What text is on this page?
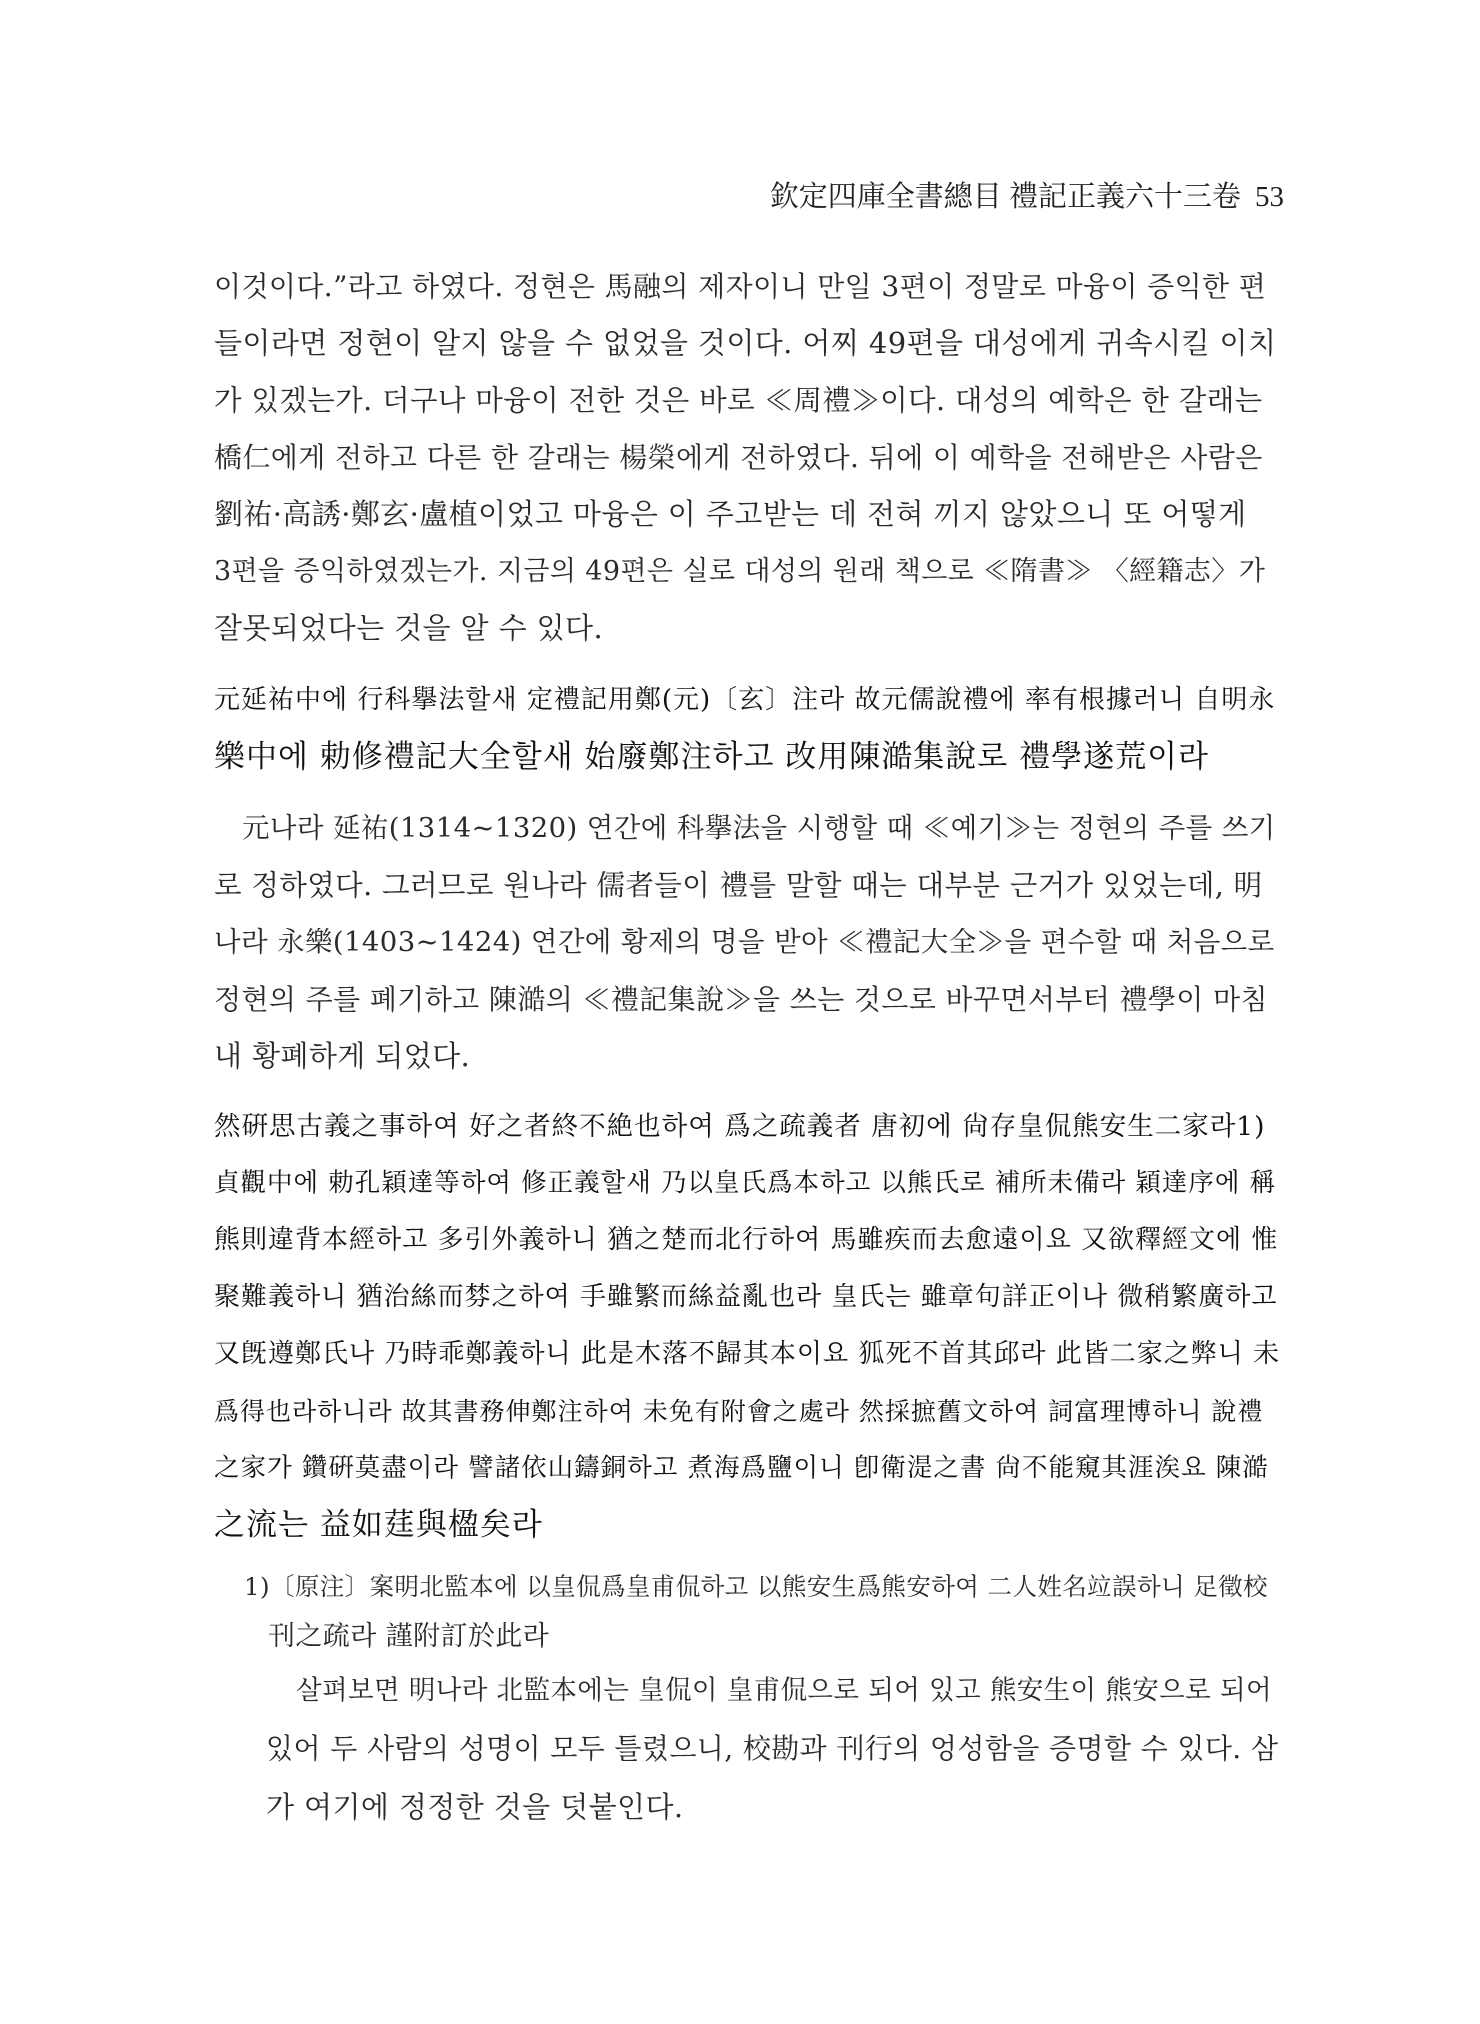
欽定四庫全書總目 禮記正義六十三卷 53
이것이다.”라고 하였다. 정현은 馬融의 제자이니 만일 3편이 정말로 마융이 증익한 편
들이라면 정현이 알지 않을 수 없었을 것이다. 어찌 49편을 대성에게 귀속시킬 이치
가 있겠는가. 더구나 마융이 전한 것은 바로 ≪周禮≫이다. 대성의 예학은 한 갈래는
橋仁에게 전하고 다른 한 갈래는 楊榮에게 전하였다. 뒤에 이 예학을 전해받은 사람은
劉祐·高誘·鄭玄·盧植이었고 마융은 이 주고받는 데 전혀 끼지 않았으니 또 어떻게
3편을 증익하였겠는가. 지금의 49편은 실로 대성의 원래 책으로 ≪隋書≫ 〈經籍志〉가
잘못되었다는 것을 알 수 있다.
元延祐中에 行科擧法할새 定禮記用鄭(元)〔玄〕注라 故元儒說禮에 率有根據러니 自明永
樂中에 勅修禮記大全할새 始廢鄭注하고 改用陳澔集說로 禮學遂荒이라
元나라 延祐(1314~1320) 연간에 科擧法을 시행할 때 ≪예기≫는 정현의 주를 쓰기
로 정하였다. 그러므로 원나라 儒者들이 禮를 말할 때는 대부분 근거가 있었는데, 明
나라 永樂(1403~1424) 연간에 황제의 명을 받아 ≪禮記大全≫을 편수할 때 처음으로
정현의 주를 폐기하고 陳澔의 ≪禮記集說≫을 쓰는 것으로 바꾸면서부터 禮學이 마침
내 황폐하게 되었다.
然硏思古義之事하여 好之者終不絶也하여 爲之疏義者 唐初에 尙存皇侃熊安生二家라1)
貞觀中에 勅孔穎達等하여 修正義할새 乃以皇氏爲本하고 以熊氏로 補所未備라 穎達序에 稱
熊則違背本經하고 多引外義하니 猶之楚而北行하여 馬雖疾而去愈遠이요 又欲釋經文에 惟
聚難義하니 猶治絲而棼之하여 手雖繁而絲益亂也라 皇氏는 雖章句詳正이나 微稍繁廣하고
又旣遵鄭氏나 乃時乖鄭義하니 此是木落不歸其本이요 狐死不首其邱라 此皆二家之弊니 未
爲得也라하니라 故其書務伸鄭注하여 未免有附會之處라 然採摭舊文하여 詞富理博하니 說禮
之家가 鑽硏莫盡이라 譬諸依山鑄銅하고 煮海爲鹽이니 卽衛湜之書 尙不能窺其涯涘요 陳澔
之流는 益如莛與楹矣라
1)〔原注〕案明北監本에 以皇侃爲皇甫侃하고 以熊安生爲熊安하여 二人姓名竝誤하니 足徵校
刊之疏라 謹附訂於此라
살펴보면 明나라 北監本에는 皇侃이 皇甫侃으로 되어 있고 熊安生이 熊安으로 되어
있어 두 사람의 성명이 모두 틀렸으니, 校勘과 刊行의 엉성함을 증명할 수 있다. 삼
가 여기에 정정한 것을 덧붙인다.
